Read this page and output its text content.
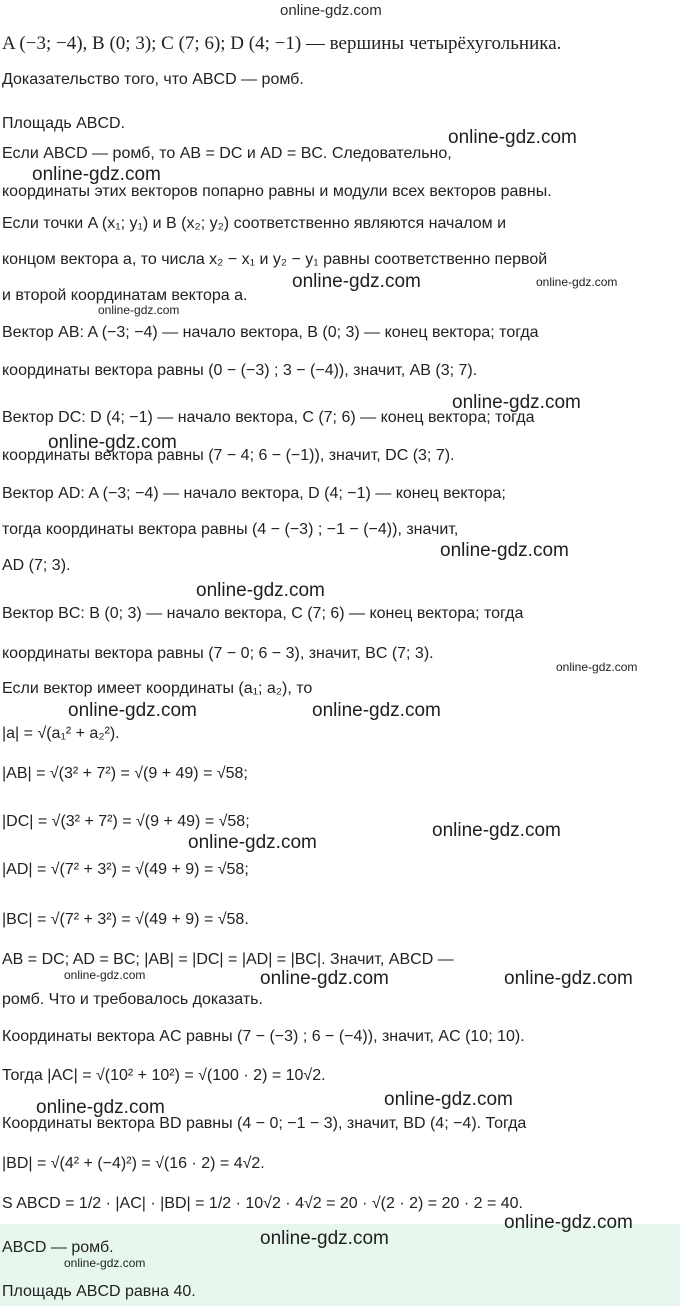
A (−3; −4), B (0; 3); C (7; 6); D (4; −1) — вершины четырёхугольника.
Доказательство того, что ABCD — ромб.
Площадь ABCD.
Если ABCD — ромб, то AB = DC и AD = BC. Следовательно,
координаты этих векторов попарно равны и модули всех векторов равны.
Если точки A (x₁; y₁) и B (x₂; y₂) соответственно являются началом и
концом вектора a, то числа x₂ − x₁ и y₂ − y₁ равны соответственно первой
и второй координатам вектора a.
Вектор AB: A (−3; −4) — начало вектора, B (0; 3) — конец вектора; тогда
координаты вектора равны (0 − (−3) ; 3 − (−4)), значит, AB (3; 7).
Вектор DC: D (4; −1) — начало вектора, C (7; 6) — конец вектора; тогда
координаты вектора равны (7 − 4; 6 − (−1)), значит, DC (3; 7).
Вектор AD: A (−3; −4) — начало вектора, D (4; −1) — конец вектора;
тогда координаты вектора равны (4 − (−3) ; −1 − (−4)), значит,
AD (7; 3).
Вектор BC: B (0; 3) — начало вектора, C (7; 6) — конец вектора; тогда
координаты вектора равны (7 − 0; 6 − 3), значит, BC (7; 3).
Если вектор имеет координаты (a₁; a₂), то
|a| = √(a₁² + a₂²).
|AB| = √(3² + 7²) = √(9 + 49) = √58;
|DC| = √(3² + 7²) = √(9 + 49) = √58;
|AD| = √(7² + 3²) = √(49 + 9) = √58;
|BC| = √(7² + 3²) = √(49 + 9) = √58.
AB = DC; AD = BC; |AB| = |DC| = |AD| = |BC|. Значит, ABCD —
ромб. Что и требовалось доказать.
Координаты вектора AC равны (7 − (−3) ; 6 − (−4)), значит, AC (10; 10).
Тогда |AC| = √(10² + 10²) = √(100 · 2) = 10√2.
Координаты вектора BD равны (4 − 0; −1 − 3), значит, BD (4; −4). Тогда
|BD| = √(4² + (−4)²) = √(16 · 2) = 4√2.
S ABCD = 1/2 · |AC| · |BD| = 1/2 · 10√2 · 4√2 = 20 · √(2 · 2) = 20 · 2 = 40.
ABCD — ромб.
Площадь ABCD равна 40.
online-gdz.com
online-gdz.com
online-gdz.com
online-gdz.com	online-gdz.com
online-gdz.com
online-gdz.com
online-gdz.com
online-gdz.com
online-gdz.com
online-gdz.com
online-gdz.com	online-gdz.com
online-gdz.com
online-gdz.com
online-gdz.com	online-gdz.com	online-gdz.com
online-gdz.com
online-gdz.com
online-gdz.com
online-gdz.com
online-gdz.com
